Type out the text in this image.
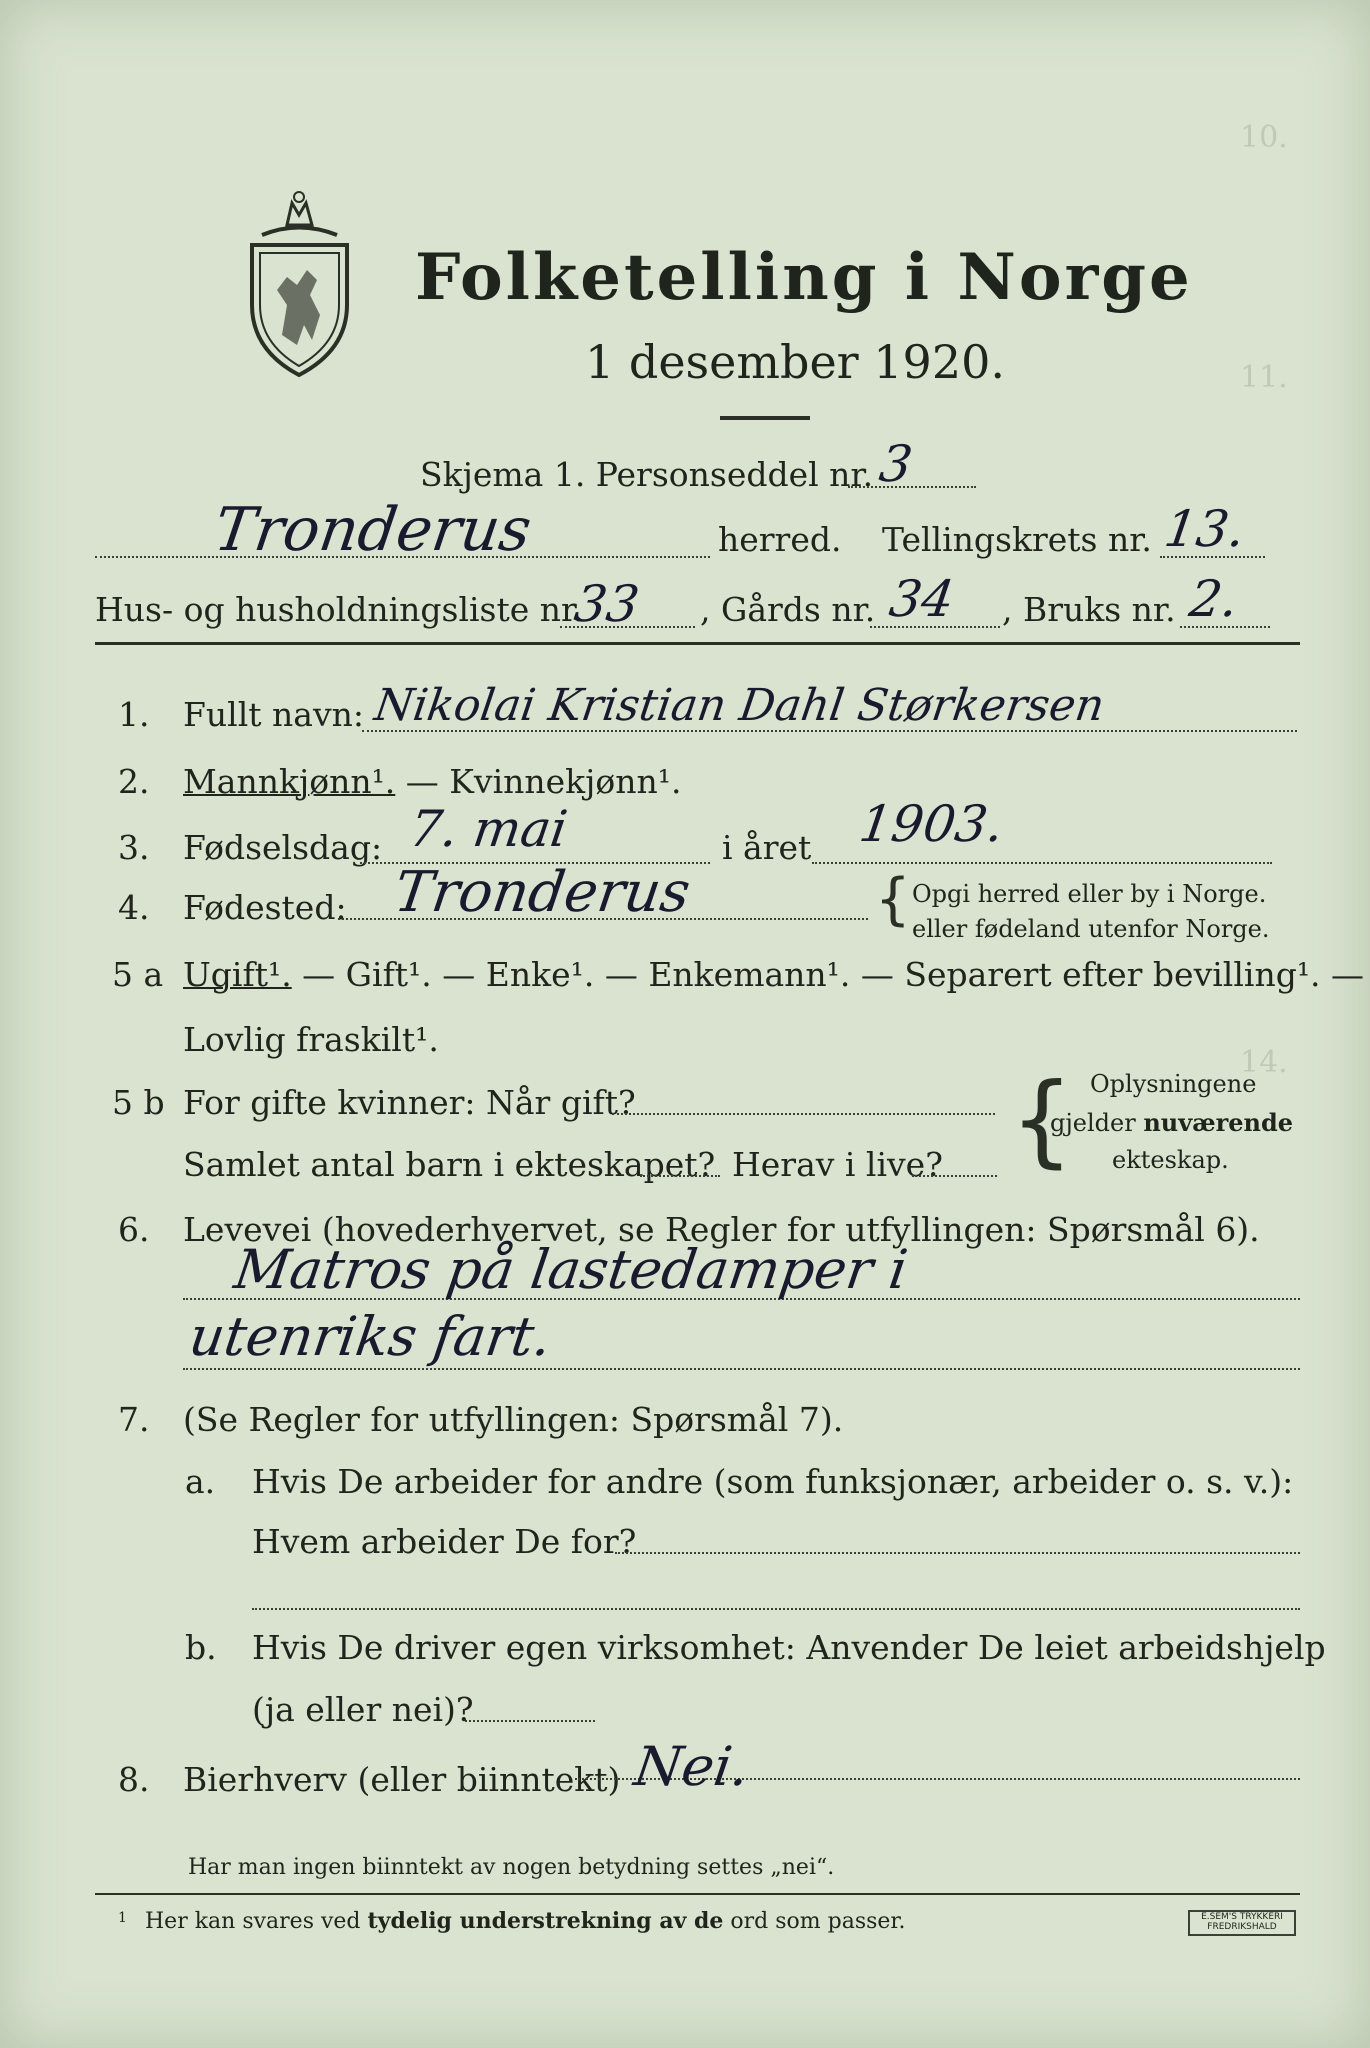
10.
11.
14.
Folketelling i Norge
1 desember 1920.
Skjema 1. Personseddel nr. 3
Tronderus	herred. Tellingskrets nr. 13.
Hus- og husholdningsliste nr.
33 , Gårds nr. 34 , Bruks nr. 2.
1. Fullt navn: Nikolai Kristian Dahl Størkersen
2. Mannkjønn¹. — Kvinnekjønn¹.
3. Fødselsdag: 7. mai	i året 1903.
4. Fødested: Tronderus	{ Opgi herred eller by i Norge.
eller fødeland utenfor Norge.
5 a Ugift¹. — Gift¹. — Enke¹. — Enkemann¹. — Separert efter bevilling¹. —
Lovlig fraskilt¹.
5 b For gifte kvinner: Når gift?
Samlet antal barn i ekteskapet? Herav i live? { Oplysningene
gjelder nuværende
ekteskap.
6. Levevei (hovederhvervet, se Regler for utfyllingen: Spørsmål 6).
Matros på lastedamper i
utenriks fart.
7. (Se Regler for utfyllingen: Spørsmål 7).
a. Hvis De arbeider for andre (som funksjonær, arbeider o. s. v.):
Hvem arbeider De for?
b. Hvis De driver egen virksomhet: Anvender De leiet arbeidshjelp
(ja eller nei)?
8. Bierhverv (eller biinntekt) Nei.
Har man ingen biinntekt av nogen betydning settes „nei“.
1 Her kan svares ved tydelig understrekning av de ord som passer.	E.SEM'S TRYKKERI
FREDRIKSHALD
